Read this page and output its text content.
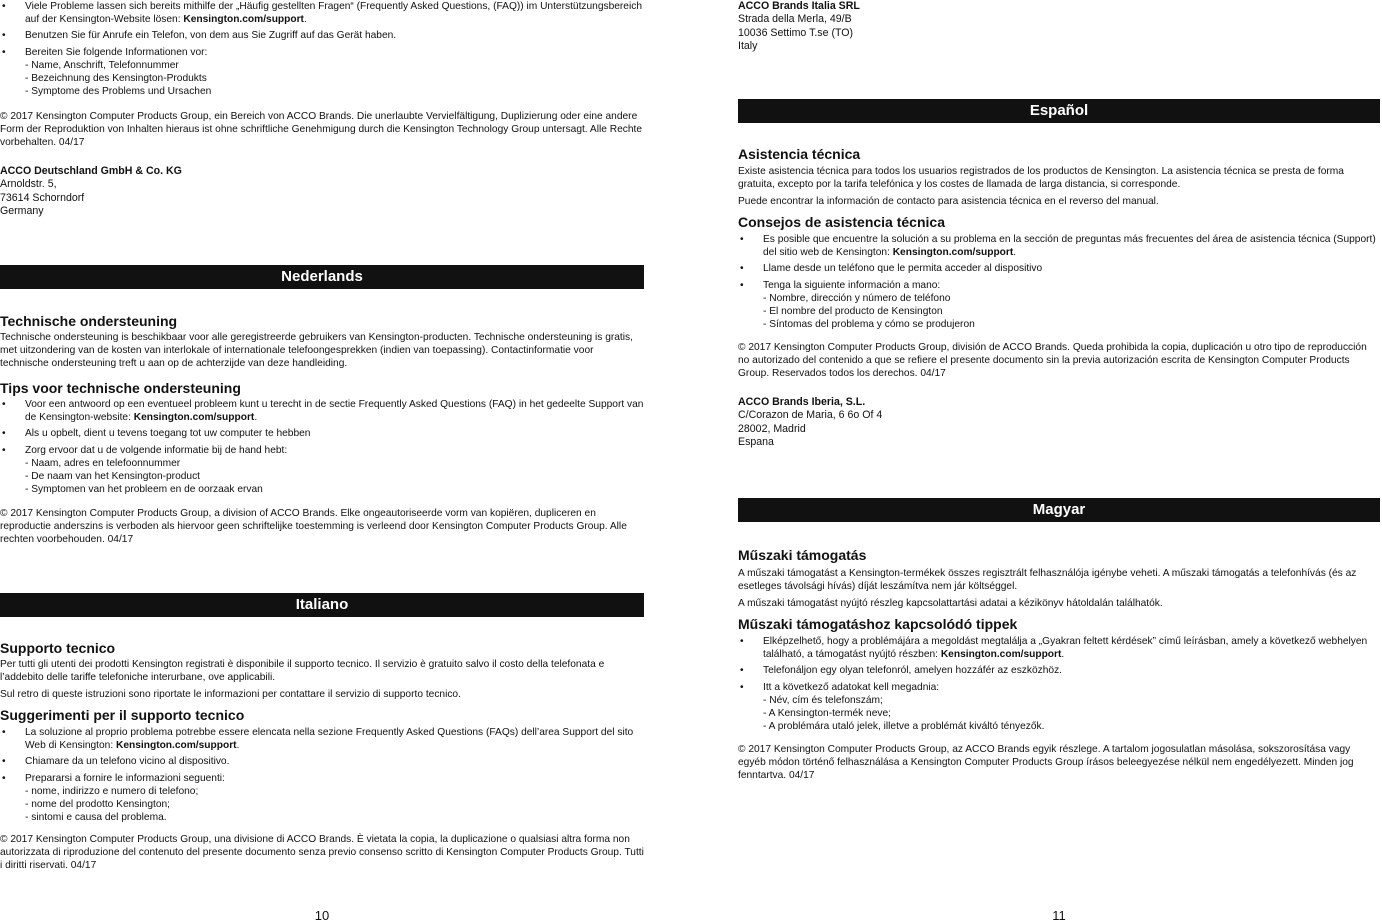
• Viele Probleme lassen sich bereits mithilfe der „Häufig gestellten Fragen“ (Frequently Asked Questions, (FAQ)) im Unterstützungsbereich auf der Kensington-Website lösen: Kensington.com/support.
• Benutzen Sie für Anrufe ein Telefon, von dem aus Sie Zugriff auf das Gerät haben.
• Bereiten Sie folgende Informationen vor:
- Name, Anschrift, Telefonnummer
- Bezeichnung des Kensington-Produkts
- Symptome des Problems und Ursachen

© 2017 Kensington Computer Products Group, ein Bereich von ACCO Brands. Die unerlaubte Vervielfältigung, Duplizierung oder eine andere Form der Reproduktion von Inhalten hieraus ist ohne schriftliche Genehmigung durch die Kensington Technology Group untersagt. Alle Rechte vorbehalten. 04/17

ACCO Deutschland GmbH & Co. KG
Arnoldstr. 5,
73614 Schorndorf
Germany
Nederlands
Technische ondersteuning

Technische ondersteuning is beschikbaar voor alle geregistreerde gebruikers van Kensington-producten. Technische ondersteuning is gratis, met uitzondering van de kosten van interlokale of internationale telefoongesprekken (indien van toepassing). Contactinformatie voor technische ondersteuning treft u aan op de achterzijde van deze handleiding.

Tips voor technische ondersteuning
• Voor een antwoord op een eventueel probleem kunt u terecht in de sectie Frequently Asked Questions (FAQ) in het gedeelte Support van de Kensington-website: Kensington.com/support.
• Als u opbelt, dient u tevens toegang tot uw computer te hebben
• Zorg ervoor dat u de volgende informatie bij de hand hebt:
- Naam, adres en telefoonnummer
- De naam van het Kensington-product
- Symptomen van het probleem en de oorzaak ervan

© 2017 Kensington Computer Products Group, a division of ACCO Brands. Elke ongeautoriseerde vorm van kopiëren, dupliceren en reproductie anderszins is verboden als hiervoor geen schriftelijke toestemming is verleend door Kensington Computer Products Group. Alle rechten voorbehouden. 04/17

Italiano
Supporto tecnico

Per tutti gli utenti dei prodotti Kensington registrati è disponibile il supporto tecnico. Il servizio è gratuito salvo il costo della telefonata e l’addebito delle tariffe telefoniche interurbane, ove applicabili.

Sul retro di queste istruzioni sono riportate le informazioni per contattare il servizio di supporto tecnico.

Suggerimenti per il supporto tecnico
• La soluzione al proprio problema potrebbe essere elencata nella sezione Frequently Asked Questions (FAQs) dell’area Support del sito Web di Kensington: Kensington.com/support.
• Chiamare da un telefono vicino al dispositivo.
• Prepararsi a fornire le informazioni seguenti:
- nome, indirizzo e numero di telefono;
- nome del prodotto Kensington;
- sintomi e causa del problema.

© 2017 Kensington Computer Products Group, una divisione di ACCO Brands. È vietata la copia, la duplicazione o qualsiasi altra forma non autorizzata di riproduzione del contenuto del presente documento senza previo consenso scritto di Kensington Computer Products Group. Tutti i diritti riservati. 04/17

10
ACCO Brands Italia SRL
Strada della Merla, 49/B
10036 Settimo T.se (TO)
Italy
Español
Asistencia técnica

Existe asistencia técnica para todos los usuarios registrados de los productos de Kensington. La asistencia técnica se presta de forma gratuita, excepto por la tarifa telefónica y los costes de llamada de larga distancia, si corresponde.

Puede encontrar la información de contacto para asistencia técnica en el reverso del manual.

Consejos de asistencia técnica
• Es posible que encuentre la solución a su problema en la sección de preguntas más frecuentes del área de asistencia técnica (Support) del sitio web de Kensington: Kensington.com/support.
• Llame desde un teléfono que le permita acceder al dispositivo
• Tenga la siguiente información a mano:
- Nombre, dirección y número de teléfono
- El nombre del producto de Kensington
- Síntomas del problema y cómo se produjeron

© 2017 Kensington Computer Products Group, división de ACCO Brands. Queda prohibida la copia, duplicación u otro tipo de reproducción no autorizado del contenido a que se refiere el presente documento sin la previa autorización escrita de Kensington Computer Products Group. Reservados todos los derechos. 04/17

ACCO Brands Iberia, S.L.
C/Corazon de Maria, 6 6o Of 4
28002, Madrid
Espana
Magyar
Műszaki támogatás

A műszaki támogatást a Kensington-termékek összes regisztrált felhasználója igénybe veheti. A műszaki támogatás a telefonhívás (és az esetleges távolsági hívás) díját leszámítva nem jár költséggel.

A műszaki támogatást nyújtó részleg kapcsolattartási adatai a kézikönyv hátoldalán találhatók.

Műszaki támogatáshoz kapcsolódó tippek
• Elképzelhető, hogy a problémájára a megoldást megtalálja a „Gyakran feltett kérdések” című leírásban, amely a következő webhelyen található, a támogatást nyújtó részben: Kensington.com/support.
• Telefonáljon egy olyan telefonról, amelyen hozzáfér az eszközhöz.
• Itt a következő adatokat kell megadnia:
- Név, cím és telefonszám;
- A Kensington-termék neve;
- A problémára utaló jelek, illetve a problémát kiváltó tényezők.

© 2017 Kensington Computer Products Group, az ACCO Brands egyik részlege. A tartalom jogosulatlan másolása, sokszorosítása vagy egyéb módon történő felhasználása a Kensington Computer Products Group írásos beleegyezése nélkül nem engedélyezett. Minden jog fenntartva. 04/17

11
